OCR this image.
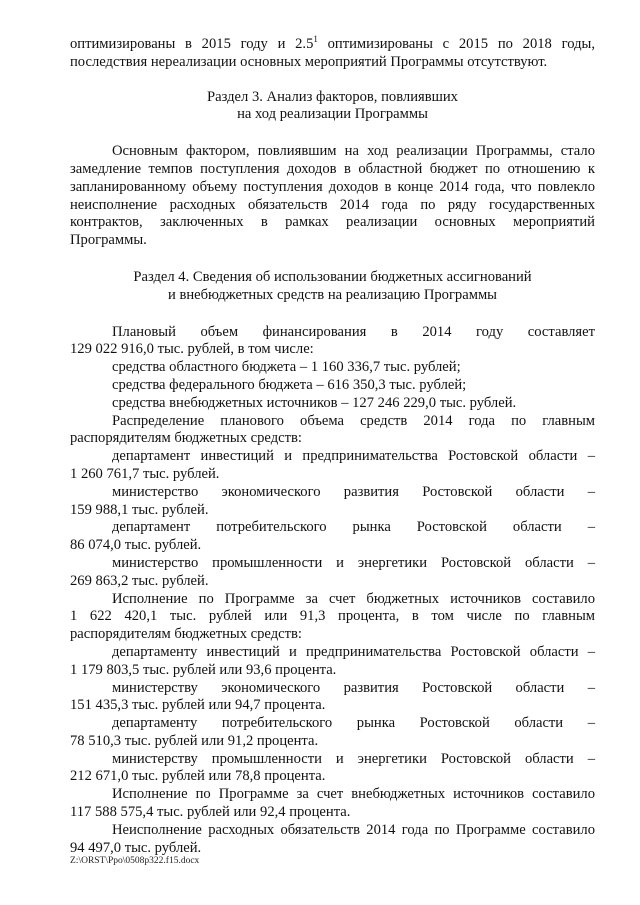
оптимизированы в 2015 году и $2.5^1$ оптимизированы с 2015 по 2018 годы,

последствия нереализации основных мероприятий Программы отсутствуют.

Раздел 3. Анализ факторов, повлиявших

на ход реализации Программы

Основным фактором, повлиявшим на ход реализации Программы, стало

замедление темпов поступления доходов в областной бюджет по отношению к

запланированному объему поступления доходов в конце 2014 года, что повлекло

неисполнение расходных обязательств 2014 года по ряду государственных

контрактов, заключенных в рамках реализации основных мероприятий

Программы.

Раздел 4. Сведения об использовании бюджетных ассигнований

и внебюджетных средств на реализацию Программы

Плановый объем финансирования в 2014 году составляет

129 022 916,0 тыс. рублей, в том числе:

средства областного бюджета – 1 160 336,7 тыс. рублей;

средства федерального бюджета – 616 350,3 тыс. рублей;

средства внебюджетных источников – 127 246 229,0 тыс. рублей.

Распределение планового объема средств 2014 года по главным

распорядителям бюджетных средств:

департамент инвестиций и предпринимательства Ростовской области –

1 260 761,7 тыс. рублей.

министерство экономического развития Ростовской области –

159 988,1 тыс. рублей.

департамент потребительского рынка Ростовской области –

86 074,0 тыс. рублей.

министерство промышленности и энергетики Ростовской области –

269 863,2 тыс. рублей.

Исполнение по Программе за счет бюджетных источников составило

1 622 420,1 тыс. рублей или 91,3 процента, в том числе по главным

распорядителям бюджетных средств:

департаменту инвестиций и предпринимательства Ростовской области –

1 179 803,5 тыс. рублей или 93,6 процента.

министерству экономического развития Ростовской области –

151 435,3 тыс. рублей или 94,7 процента.

департаменту потребительского рынка Ростовской области –

78 510,3 тыс. рублей или 91,2 процента.

министерству промышленности и энергетики Ростовской области –

212 671,0 тыс. рублей или 78,8 процента.

Исполнение по Программе за счет внебюджетных источников составило

117 588 575,4 тыс. рублей или 92,4 процента.

Неисполнение расходных обязательств 2014 года по Программе составило

94 497,0 тыс. рублей.

Z:\ORST\Ppo\0508p322.f15.docx
